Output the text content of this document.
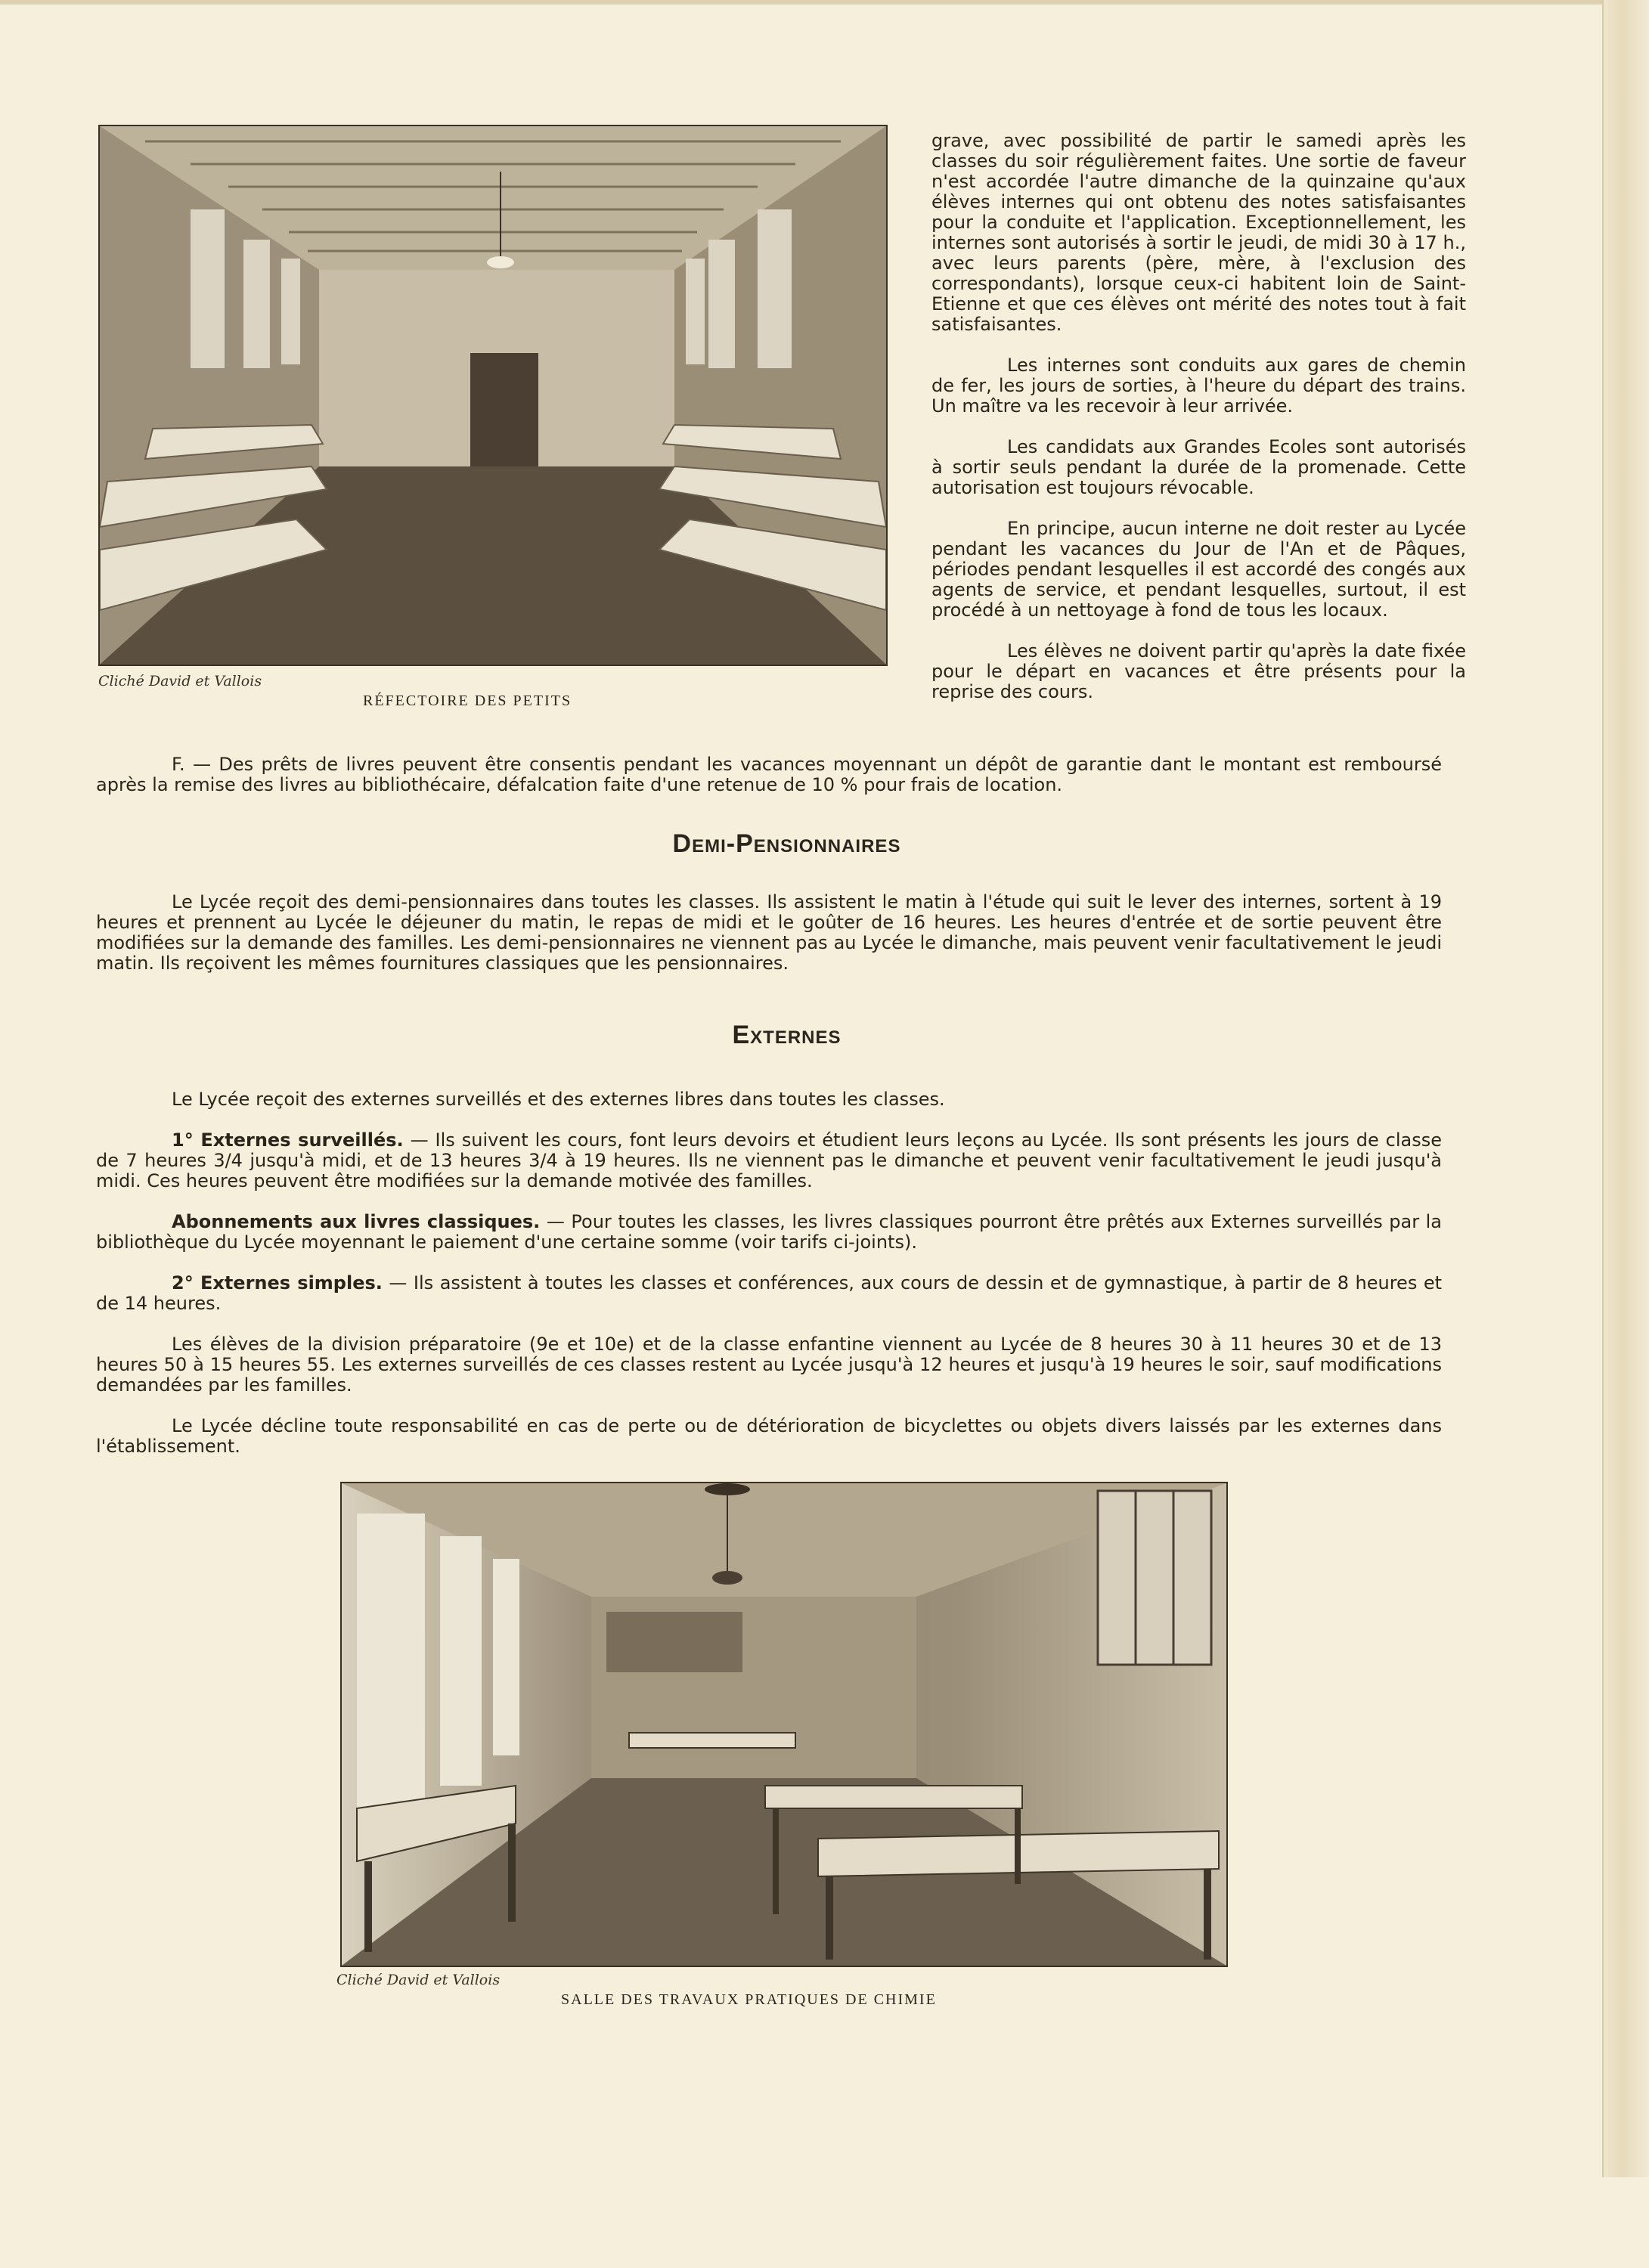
Cliché David et Vallois
RÉFECTOIRE DES PETITS

grave, avec possibilité de partir le samedi après les classes du soir régulièrement faites. Une sortie de faveur n'est accordée l'autre dimanche de la quinzaine qu'aux élèves internes qui ont obtenu des notes satisfaisantes pour la conduite et l'application. Exceptionnellement, les internes sont autorisés à sortir le jeudi, de midi 30 à 17 h., avec leurs parents (père, mère, à l'exclusion des correspondants), lorsque ceux-ci habitent loin de Saint-Etienne et que ces élèves ont mérité des notes tout à fait satisfaisantes.

Les internes sont conduits aux gares de chemin de fer, les jours de sorties, à l'heure du départ des trains. Un maître va les recevoir à leur arrivée.

Les candidats aux Grandes Ecoles sont autorisés à sortir seuls pendant la durée de la promenade. Cette autorisation est toujours révocable.

En principe, aucun interne ne doit rester au Lycée pendant les vacances du Jour de l'An et de Pâques, périodes pendant lesquelles il est accordé des congés aux agents de service, et pendant lesquelles, surtout, il est procédé à un nettoyage à fond de tous les locaux.

Les élèves ne doivent partir qu'après la date fixée pour le départ en vacances et être présents pour la reprise des cours.

F. — Des prêts de livres peuvent être consentis pendant les vacances moyennant un dépôt de garantie dant le montant est remboursé après la remise des livres au bibliothécaire, défalcation faite d'une retenue de 10 % pour frais de location.

Demi-Pensionnaires

Le Lycée reçoit des demi-pensionnaires dans toutes les classes. Ils assistent le matin à l'étude qui suit le lever des internes, sortent à 19 heures et prennent au Lycée le déjeuner du matin, le repas de midi et le goûter de 16 heures. Les heures d'entrée et de sortie peuvent être modifiées sur la demande des familles. Les demi-pensionnaires ne viennent pas au Lycée le dimanche, mais peuvent venir facultativement le jeudi matin. Ils reçoivent les mêmes fournitures classiques que les pensionnaires.

Externes

Le Lycée reçoit des externes surveillés et des externes libres dans toutes les classes.

1° Externes surveillés. — Ils suivent les cours, font leurs devoirs et étudient leurs leçons au Lycée. Ils sont présents les jours de classe de 7 heures 3/4 jusqu'à midi, et de 13 heures 3/4 à 19 heures. Ils ne viennent pas le dimanche et peuvent venir facultativement le jeudi jusqu'à midi. Ces heures peuvent être modifiées sur la demande motivée des familles.

Abonnements aux livres classiques. — Pour toutes les classes, les livres classiques pourront être prêtés aux Externes surveillés par la bibliothèque du Lycée moyennant le paiement d'une certaine somme (voir tarifs ci-joints).

2° Externes simples. — Ils assistent à toutes les classes et conférences, aux cours de dessin et de gymnastique, à partir de 8 heures et de 14 heures.

Les élèves de la division préparatoire (9e et 10e) et de la classe enfantine viennent au Lycée de 8 heures 30 à 11 heures 30 et de 13 heures 50 à 15 heures 55. Les externes surveillés de ces classes restent au Lycée jusqu'à 12 heures et jusqu'à 19 heures le soir, sauf modifications demandées par les familles.

Le Lycée décline toute responsabilité en cas de perte ou de détérioration de bicyclettes ou objets divers laissés par les externes dans l'établissement.

Cliché David et Vallois
SALLE DES TRAVAUX PRATIQUES DE CHIMIE
